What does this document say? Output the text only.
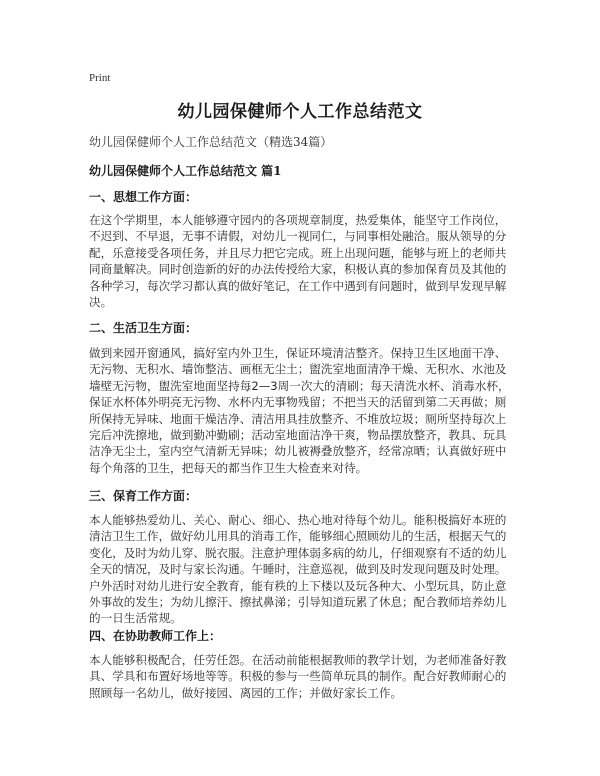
Print
幼儿园保健师个人工作总结范文
幼儿园保健师个人工作总结范文（精选34篇）
幼儿园保健师个人工作总结范文 篇1
一、思想工作方面：
在这个学期里，本人能够遵守园内的各项规章制度，热爱集体，能坚守工作岗位，
不迟到、不早退，无事不请假，对幼儿一视同仁，与同事相处融洽。服从领导的分
配，乐意接受各项任务，并且尽力把它完成。班上出现问题，能够与班上的老师共
同商量解决。同时创造新的好的办法传授给大家，积极认真的参加保育员及其他的
各种学习，每次学习都认真的做好笔记，在工作中遇到有问题时，做到早发现早解
决。
二、生活卫生方面：
做到来园开窗通风，搞好室内外卫生，保证环境清洁整齐。保持卫生区地面干净、
无污物、无积水、墙饰整洁、画框无尘土；盥洗室地面清净干燥、无积水、水池及
墙壁无污物，盥洗室地面坚持每2—3周一次大的清刷；每天清洗水杯、消毒水杯，
保证水杯体外明亮无污物、水杯内无事物残留；不把当天的活留到第二天再做；厕
所保持无异味、地面干燥洁净、清洁用具挂放整齐、不堆放垃圾；厕所坚持每次上
完后冲洗擦地，做到勤冲勤刷；活动室地面洁净干爽，物品摆放整齐，教具、玩具
洁净无尘土，室内空气清新无异味；幼儿被褥叠放整齐，经常凉晒；认真做好班中
每个角落的卫生，把每天的都当作卫生大检查来对待。
三、保育工作方面：
本人能够热爱幼儿、关心、耐心、细心、热心地对待每个幼儿。能积极搞好本班的
清洁卫生工作，做好幼儿用具的消毒工作，能够细心照顾幼儿的生活，根据天气的
变化，及时为幼儿穿、脱衣服。注意护理体弱多病的幼儿，仔细观察有不适的幼儿
全天的情况，及时与家长沟通。午睡时，注意巡视，做到及时发现问题及时处理。
户外活时对幼儿进行安全教育，能有秩的上下楼以及玩各种大、小型玩具，防止意
外事故的发生；为幼儿擦汗、擦拭鼻涕；引导知道玩累了休息；配合教师培养幼儿
的一日生活常规。
四、在协助教师工作上：
本人能够积极配合，任劳任怨。在活动前能根据教师的教学计划，为老师准备好教
具、学具和布置好场地等等。积极的参与一些简单玩具的制作。配合好教师耐心的
照顾每一名幼儿，做好接园、离园的工作；并做好家长工作。
